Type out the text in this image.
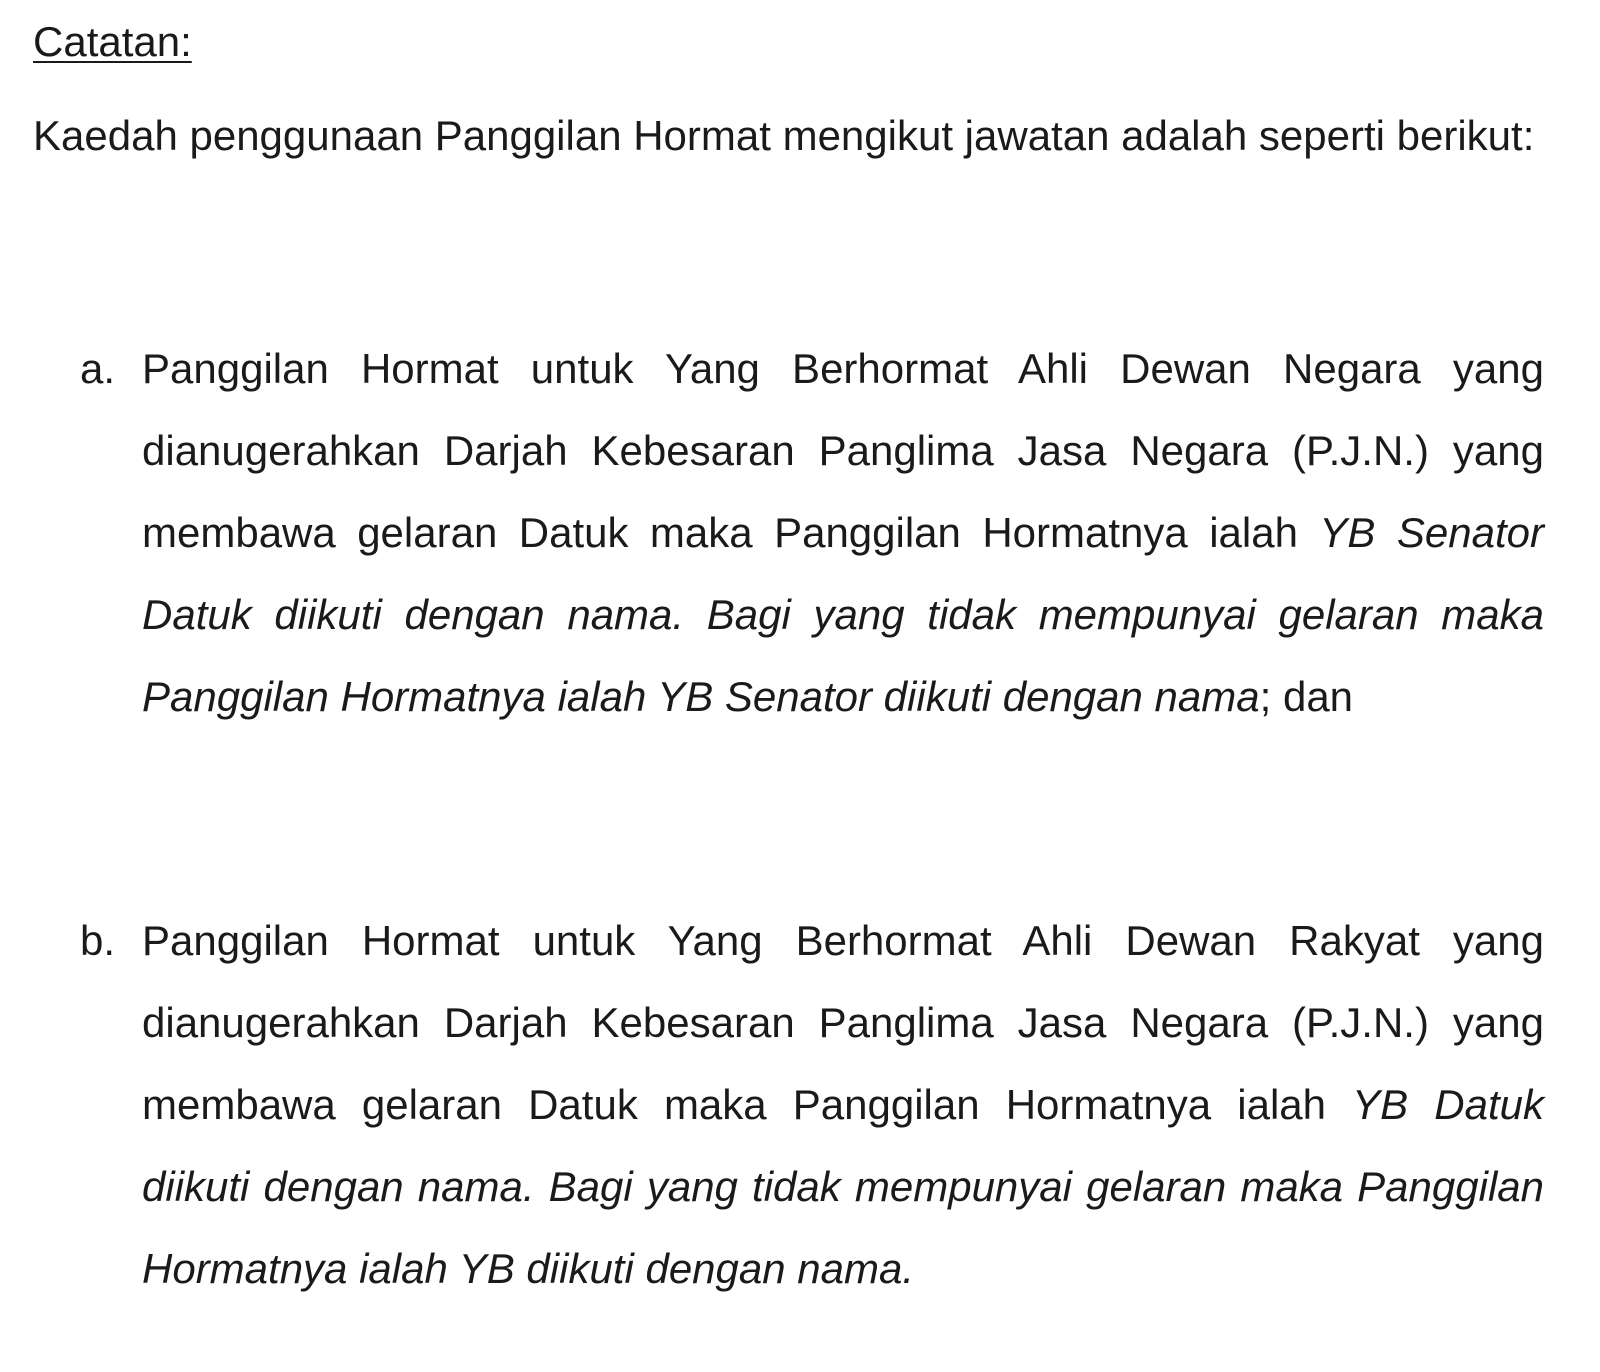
Catatan:

Kaedah penggunaan Panggilan Hormat mengikut jawatan adalah seperti berikut:

a. Panggilan Hormat untuk Yang Berhormat Ahli Dewan Negara yang dianugerahkan Darjah Kebesaran Panglima Jasa Negara (P.J.N.) yang membawa gelaran Datuk maka Panggilan Hormatnya ialah YB Senator Datuk diikuti dengan nama. Bagi yang tidak mempunyai gelaran maka Panggilan Hormatnya ialah YB Senator diikuti dengan nama; dan

b. Panggilan Hormat untuk Yang Berhormat Ahli Dewan Rakyat yang dianugerahkan Darjah Kebesaran Panglima Jasa Negara (P.J.N.) yang membawa gelaran Datuk maka Panggilan Hormatnya ialah YB Datuk diikuti dengan nama. Bagi yang tidak mempunyai gelaran maka Panggilan Hormatnya ialah YB diikuti dengan nama.
